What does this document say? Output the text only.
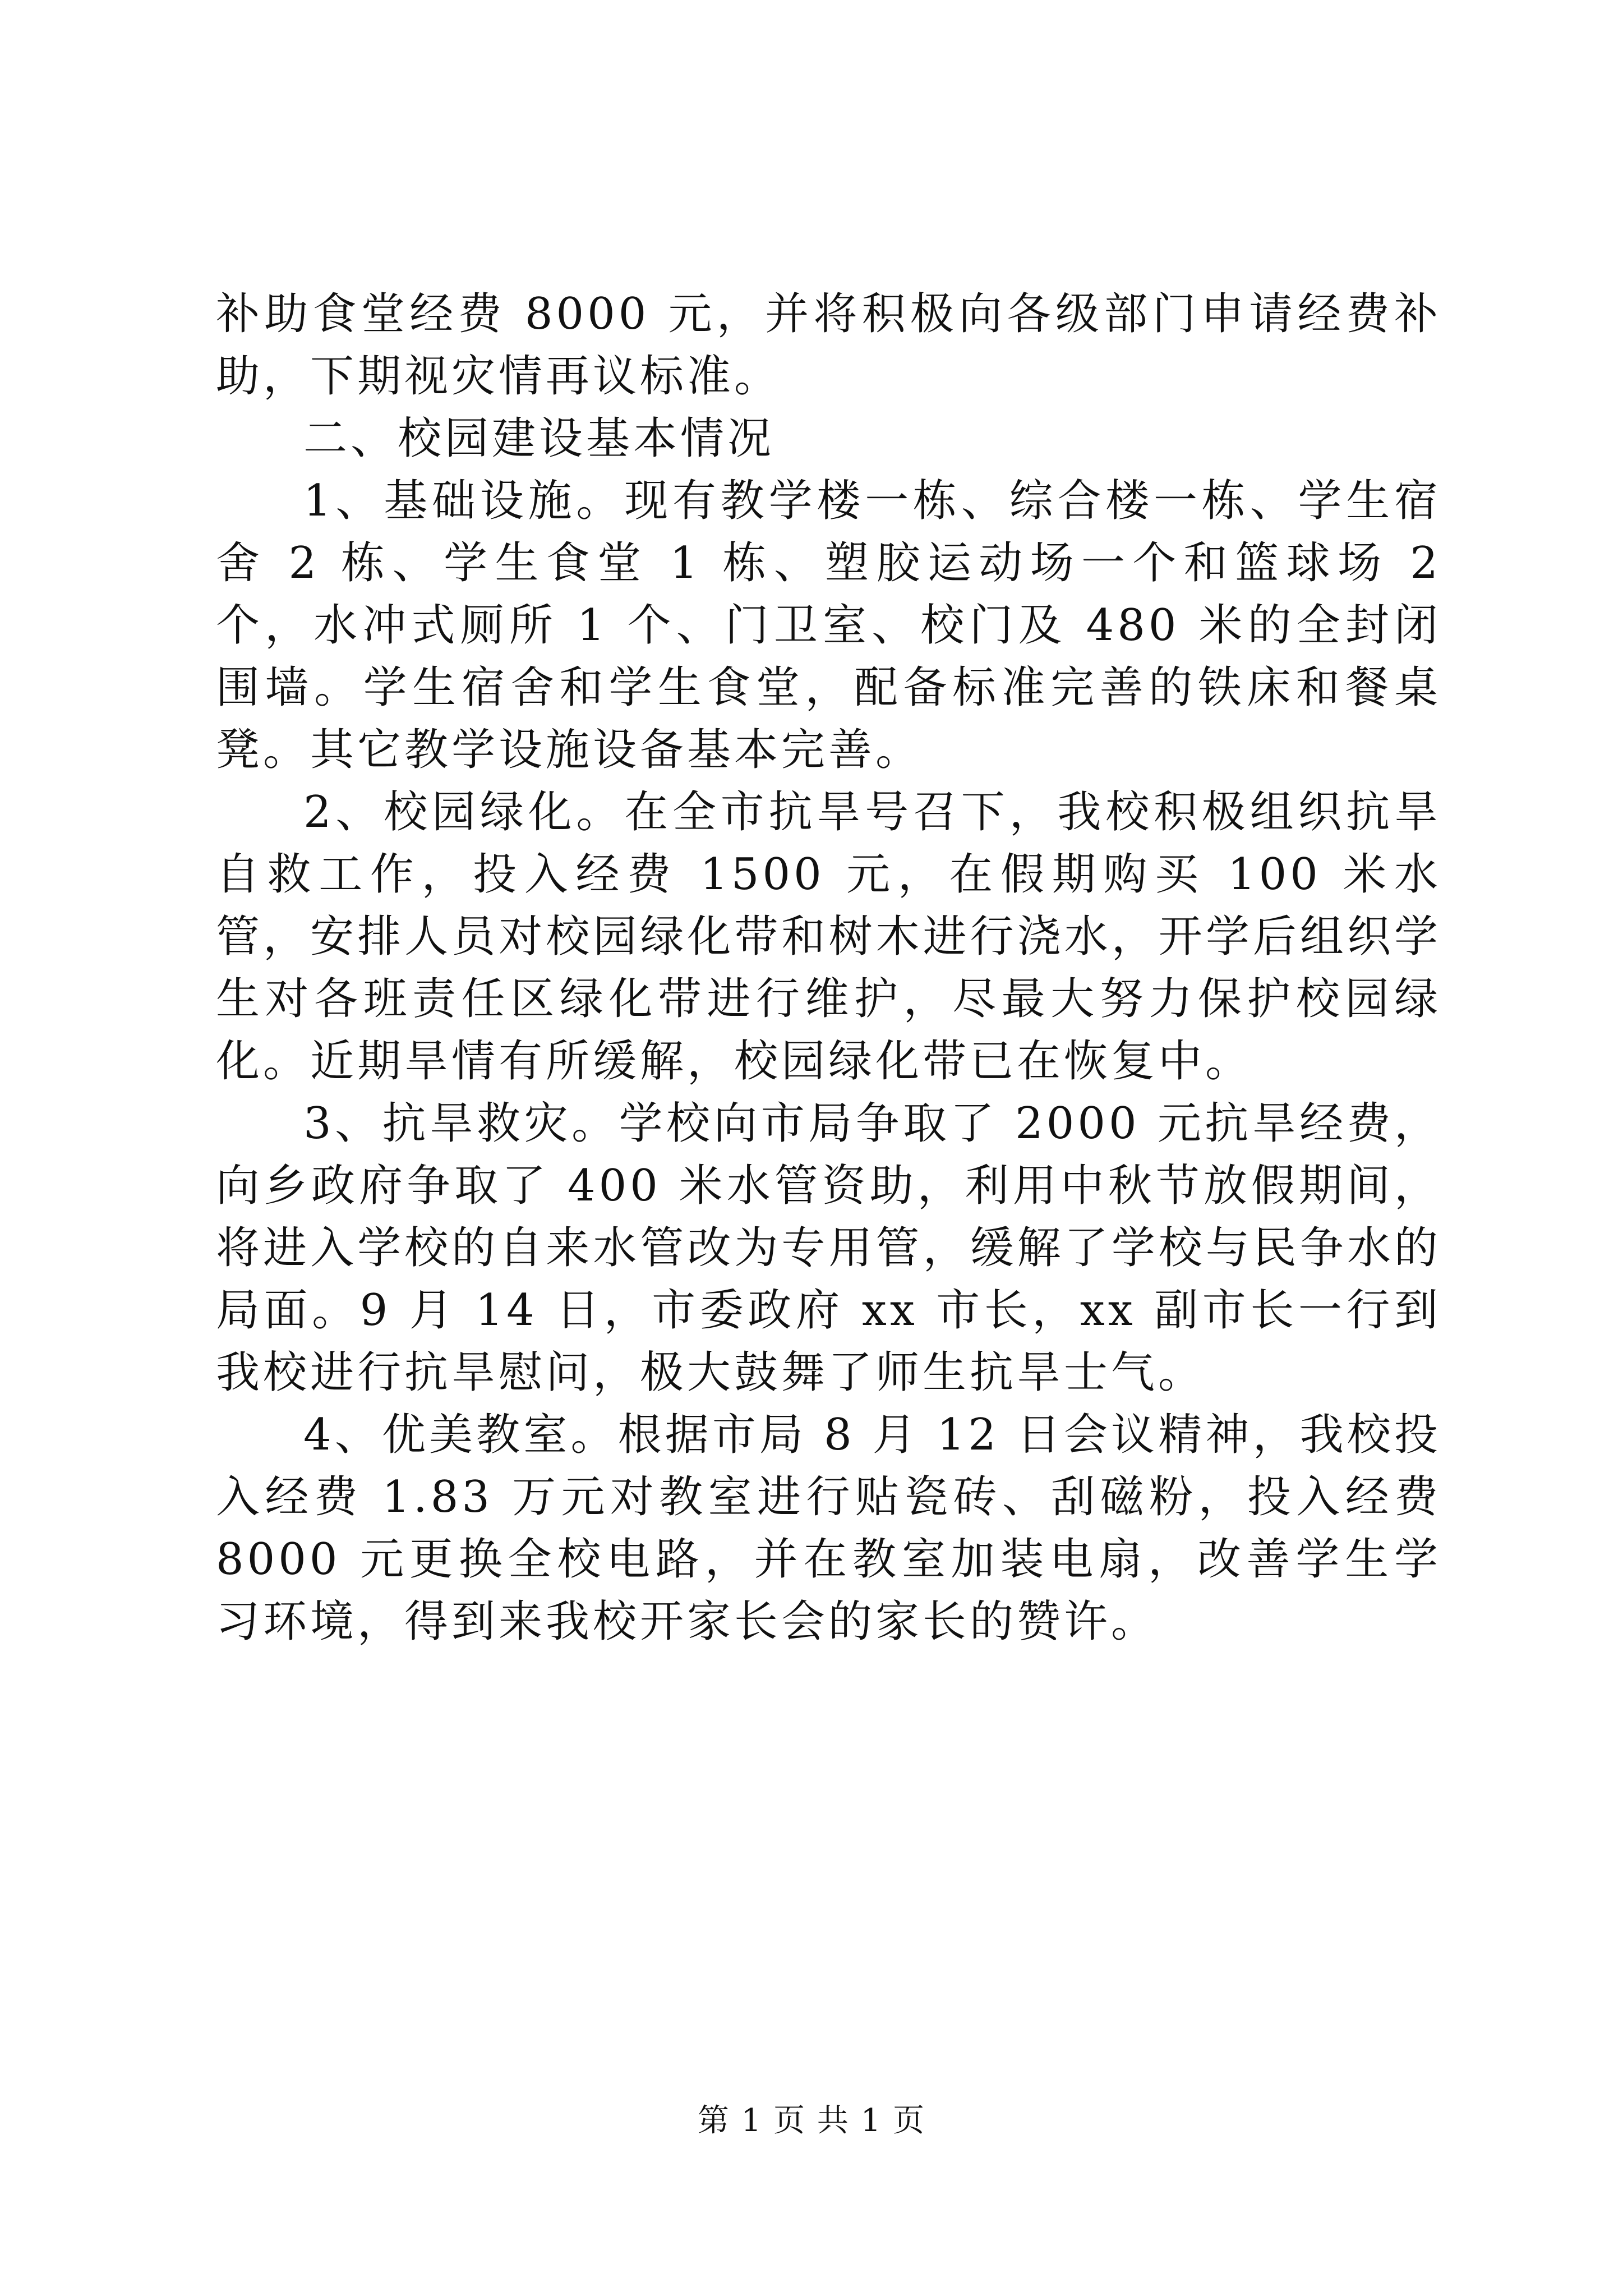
补助食堂经费 8000 元，并将积极向各级部门申请经费补助，下期视灾情再议标准。

二、校园建设基本情况

1、基础设施。现有教学楼一栋、综合楼一栋、学生宿舍 2 栋、学生食堂 1 栋、塑胶运动场一个和篮球场 2 个，水冲式厕所 1 个、门卫室、校门及 480 米的全封闭围墙。学生宿舍和学生食堂，配备标准完善的铁床和餐桌凳。其它教学设施设备基本完善。

2、校园绿化。在全市抗旱号召下，我校积极组织抗旱自救工作，投入经费 1500 元，在假期购买 100 米水管，安排人员对校园绿化带和树木进行浇水，开学后组织学生对各班责任区绿化带进行维护，尽最大努力保护校园绿化。近期旱情有所缓解，校园绿化带已在恢复中。

3、抗旱救灾。学校向市局争取了 2000 元抗旱经费，向乡政府争取了 400 米水管资助，利用中秋节放假期间，将进入学校的自来水管改为专用管，缓解了学校与民争水的局面。9 月 14 日，市委政府 xx 市长，xx 副市长一行到我校进行抗旱慰问，极大鼓舞了师生抗旱士气。

4、优美教室。根据市局 8 月 12 日会议精神，我校投入经费 1.83 万元对教室进行贴瓷砖、刮磁粉，投入经费 8000 元更换全校电路，并在教室加装电扇，改善学生学习环境，得到来我校开家长会的家长的赞许。

第 1 页 共 1 页
